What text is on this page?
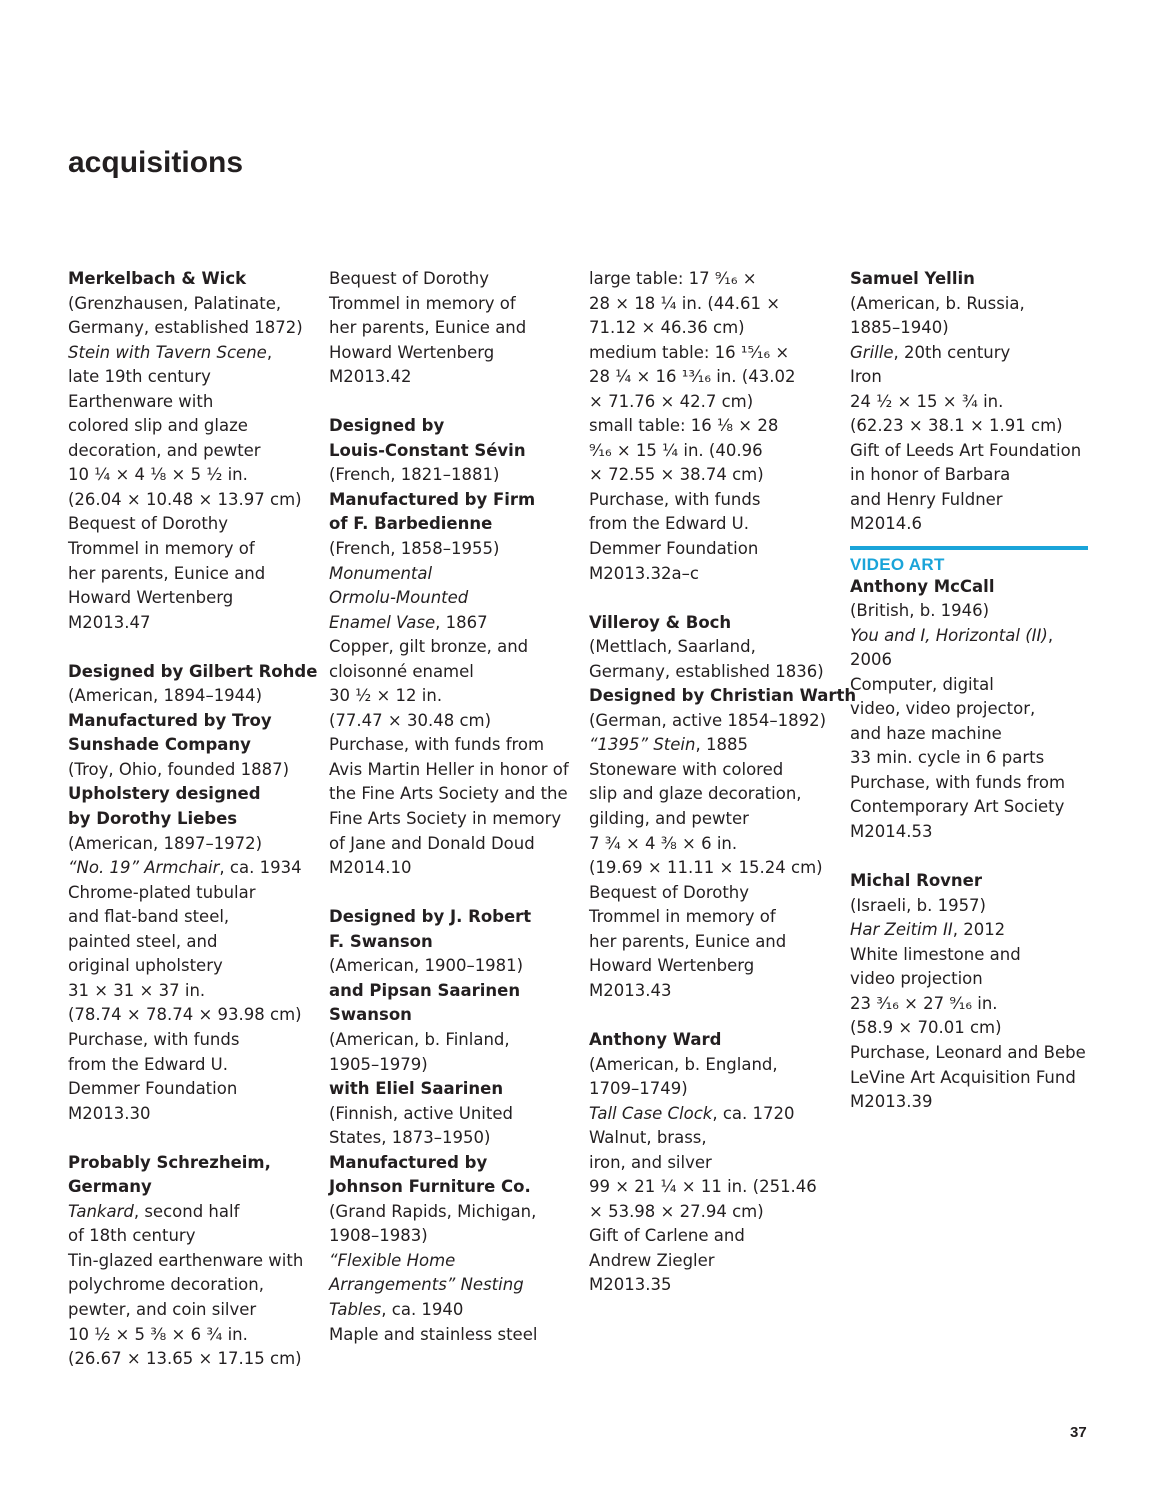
acquisitions
Merkelbach & Wick
(Grenzhausen, Palatinate,
Germany, established 1872)
Stein with Tavern Scene,
late 19th century
Earthenware with
colored slip and glaze
decoration, and pewter
10 ¼ × 4 ⅛ × 5 ½ in.
(26.04 × 10.48 × 13.97 cm)
Bequest of Dorothy
Trommel in memory of
her parents, Eunice and
Howard Wertenberg
M2013.47
Designed by Gilbert Rohde
(American, 1894–1944)
Manufactured by Troy
Sunshade Company
(Troy, Ohio, founded 1887)
Upholstery designed
by Dorothy Liebes
(American, 1897–1972)
“No. 19” Armchair, ca. 1934
Chrome-plated tubular
and flat-band steel,
painted steel, and
original upholstery
31 × 31 × 37 in.
(78.74 × 78.74 × 93.98 cm)
Purchase, with funds
from the Edward U.
Demmer Foundation
M2013.30
Probably Schrezheim,
Germany
Tankard, second half
of 18th century
Tin-glazed earthenware with
polychrome decoration,
pewter, and coin silver
10 ½ × 5 ⅜ × 6 ¾ in.
(26.67 × 13.65 × 17.15 cm)
Bequest of Dorothy
Trommel in memory of
her parents, Eunice and
Howard Wertenberg
M2013.42
Designed by
Louis-Constant Sévin
(French, 1821–1881)
Manufactured by Firm
of F. Barbedienne
(French, 1858–1955)
Monumental
Ormolu-Mounted
Enamel Vase, 1867
Copper, gilt bronze, and
cloisonné enamel
30 ½ × 12 in.
(77.47 × 30.48 cm)
Purchase, with funds from
Avis Martin Heller in honor of
the Fine Arts Society and the
Fine Arts Society in memory
of Jane and Donald Doud
M2014.10
Designed by J. Robert
F. Swanson
(American, 1900–1981)
and Pipsan Saarinen
Swanson
(American, b. Finland,
1905–1979)
with Eliel Saarinen
(Finnish, active United
States, 1873–1950)
Manufactured by
Johnson Furniture Co.
(Grand Rapids, Michigan,
1908–1983)
“Flexible Home
Arrangements” Nesting
Tables, ca. 1940
Maple and stainless steel
large table: 17 ⁹⁄₁₆ ×
28 × 18 ¼ in. (44.61 ×
71.12 × 46.36 cm)
medium table: 16 ¹⁵⁄₁₆ ×
28 ¼ × 16 ¹³⁄₁₆ in. (43.02
× 71.76 × 42.7 cm)
small table: 16 ⅛ × 28
⁹⁄₁₆ × 15 ¼ in. (40.96
× 72.55 × 38.74 cm)
Purchase, with funds
from the Edward U.
Demmer Foundation
M2013.32a–c
Villeroy & Boch
(Mettlach, Saarland,
Germany, established 1836)
Designed by Christian Warth
(German, active 1854–1892)
“1395” Stein, 1885
Stoneware with colored
slip and glaze decoration,
gilding, and pewter
7 ¾ × 4 ⅜ × 6 in.
(19.69 × 11.11 × 15.24 cm)
Bequest of Dorothy
Trommel in memory of
her parents, Eunice and
Howard Wertenberg
M2013.43
Anthony Ward
(American, b. England,
1709–1749)
Tall Case Clock, ca. 1720
Walnut, brass,
iron, and silver
99 × 21 ¼ × 11 in. (251.46
× 53.98 × 27.94 cm)
Gift of Carlene and
Andrew Ziegler
M2013.35
Samuel Yellin
(American, b. Russia,
1885–1940)
Grille, 20th century
Iron
24 ½ × 15 × ¾ in.
(62.23 × 38.1 × 1.91 cm)
Gift of Leeds Art Foundation
in honor of Barbara
and Henry Fuldner
M2014.6
VIDEO ART
Anthony McCall
(British, b. 1946)
You and I, Horizontal (II),
2006
Computer, digital
video, video projector,
and haze machine
33 min. cycle in 6 parts
Purchase, with funds from
Contemporary Art Society
M2014.53
Michal Rovner
(Israeli, b. 1957)
Har Zeitim II, 2012
White limestone and
video projection
23 ³⁄₁₆ × 27 ⁹⁄₁₆ in.
(58.9 × 70.01 cm)
Purchase, Leonard and Bebe
LeVine Art Acquisition Fund
M2013.39
37
